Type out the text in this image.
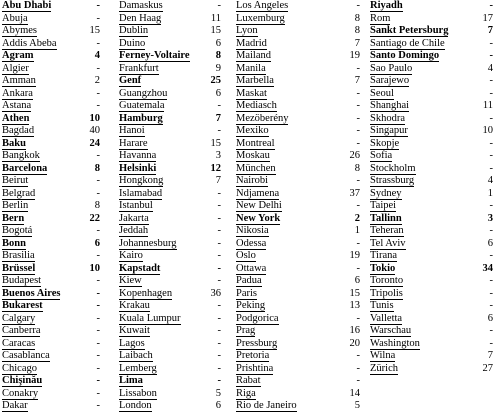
Abu Dhabi	-
Abuja	-
Abymes	15
Addis Abeba	-
Agram	4
Algier	-
Amman	2
Ankara	-
Astana	-
Athen	10
Bagdad	40
Baku	24
Bangkok	-
Barcelona	8
Beirut	-
Belgrad	-
Berlin	8
Bern	22
Bogotá	-
Bonn	6
Brasilia	-
Brüssel	10
Budapest	-
Buenos Aires	-
Bukarest	-
Calgary	-
Canberra	-
Caracas	-
Casablanca	-
Chicago	-
Chişinău	-
Conakry	-
Dakar	-
Damaskus	-
Den Haag	11
Dublin	15
Duino	6
Ferney-Voltaire 8
Frankfurt	9
Genf	25
Guangzhou	6
Guatemala	-
Hamburg	7
Hanoi	-
Harare	15
Havanna	3
Helsinki	12
Hongkong	7
Islamabad	-
Istanbul	-
Jakarta	-
Jeddah	-
Johannesburg	-
Kairo	-
Kapstadt	-
Kiew	-
Kopenhagen	36
Krakau	-
Kuala Lumpur	-
Kuwait	-
Lagos	-
Laibach	-
Lemberg	-
Lima	-
Lissabon	5
London	6
Los Angeles	-
Luxemburg	8
Lyon	8
Madrid	7
Mailand	19
Manila	-
Marbella	7
Maskat	-
Mediasch	-
Mezöberény	-
Mexiko	-
Montreal	-
Moskau	26
München	8
Nairobi	-
Ndjamena	37
New Delhi	-
New York	2
Nikosia	1
Odessa	-
Oslo	19
Ottawa	-
Padua	6
Paris	15
Peking	13
Podgorica	-
Prag	16
Pressburg	20
Pretoria	-
Prishtina	-
Rabat	-
Riga	14
Rio de Janeiro	5
Riyadh	-
Rom	17
Sankt Petersburg	7
Santiago de Chile	-
Santo Domingo	-
Sao Paulo	4
Sarajewo	-
Seoul	-
Shanghai	11
Skhodra	-
Singapur	10
Skopje	-
Sofia	-
Stockholm	-
Strassburg	4
Sydney	1
Taipei	-
Tallinn	3
Teheran	-
Tel Aviv	6
Tirana	-
Tokio	34
Toronto	-
Tripolis	-
Tunis	-
Valletta	6
Warschau	-
Washington	-
Wilna	7
Zürich	27
